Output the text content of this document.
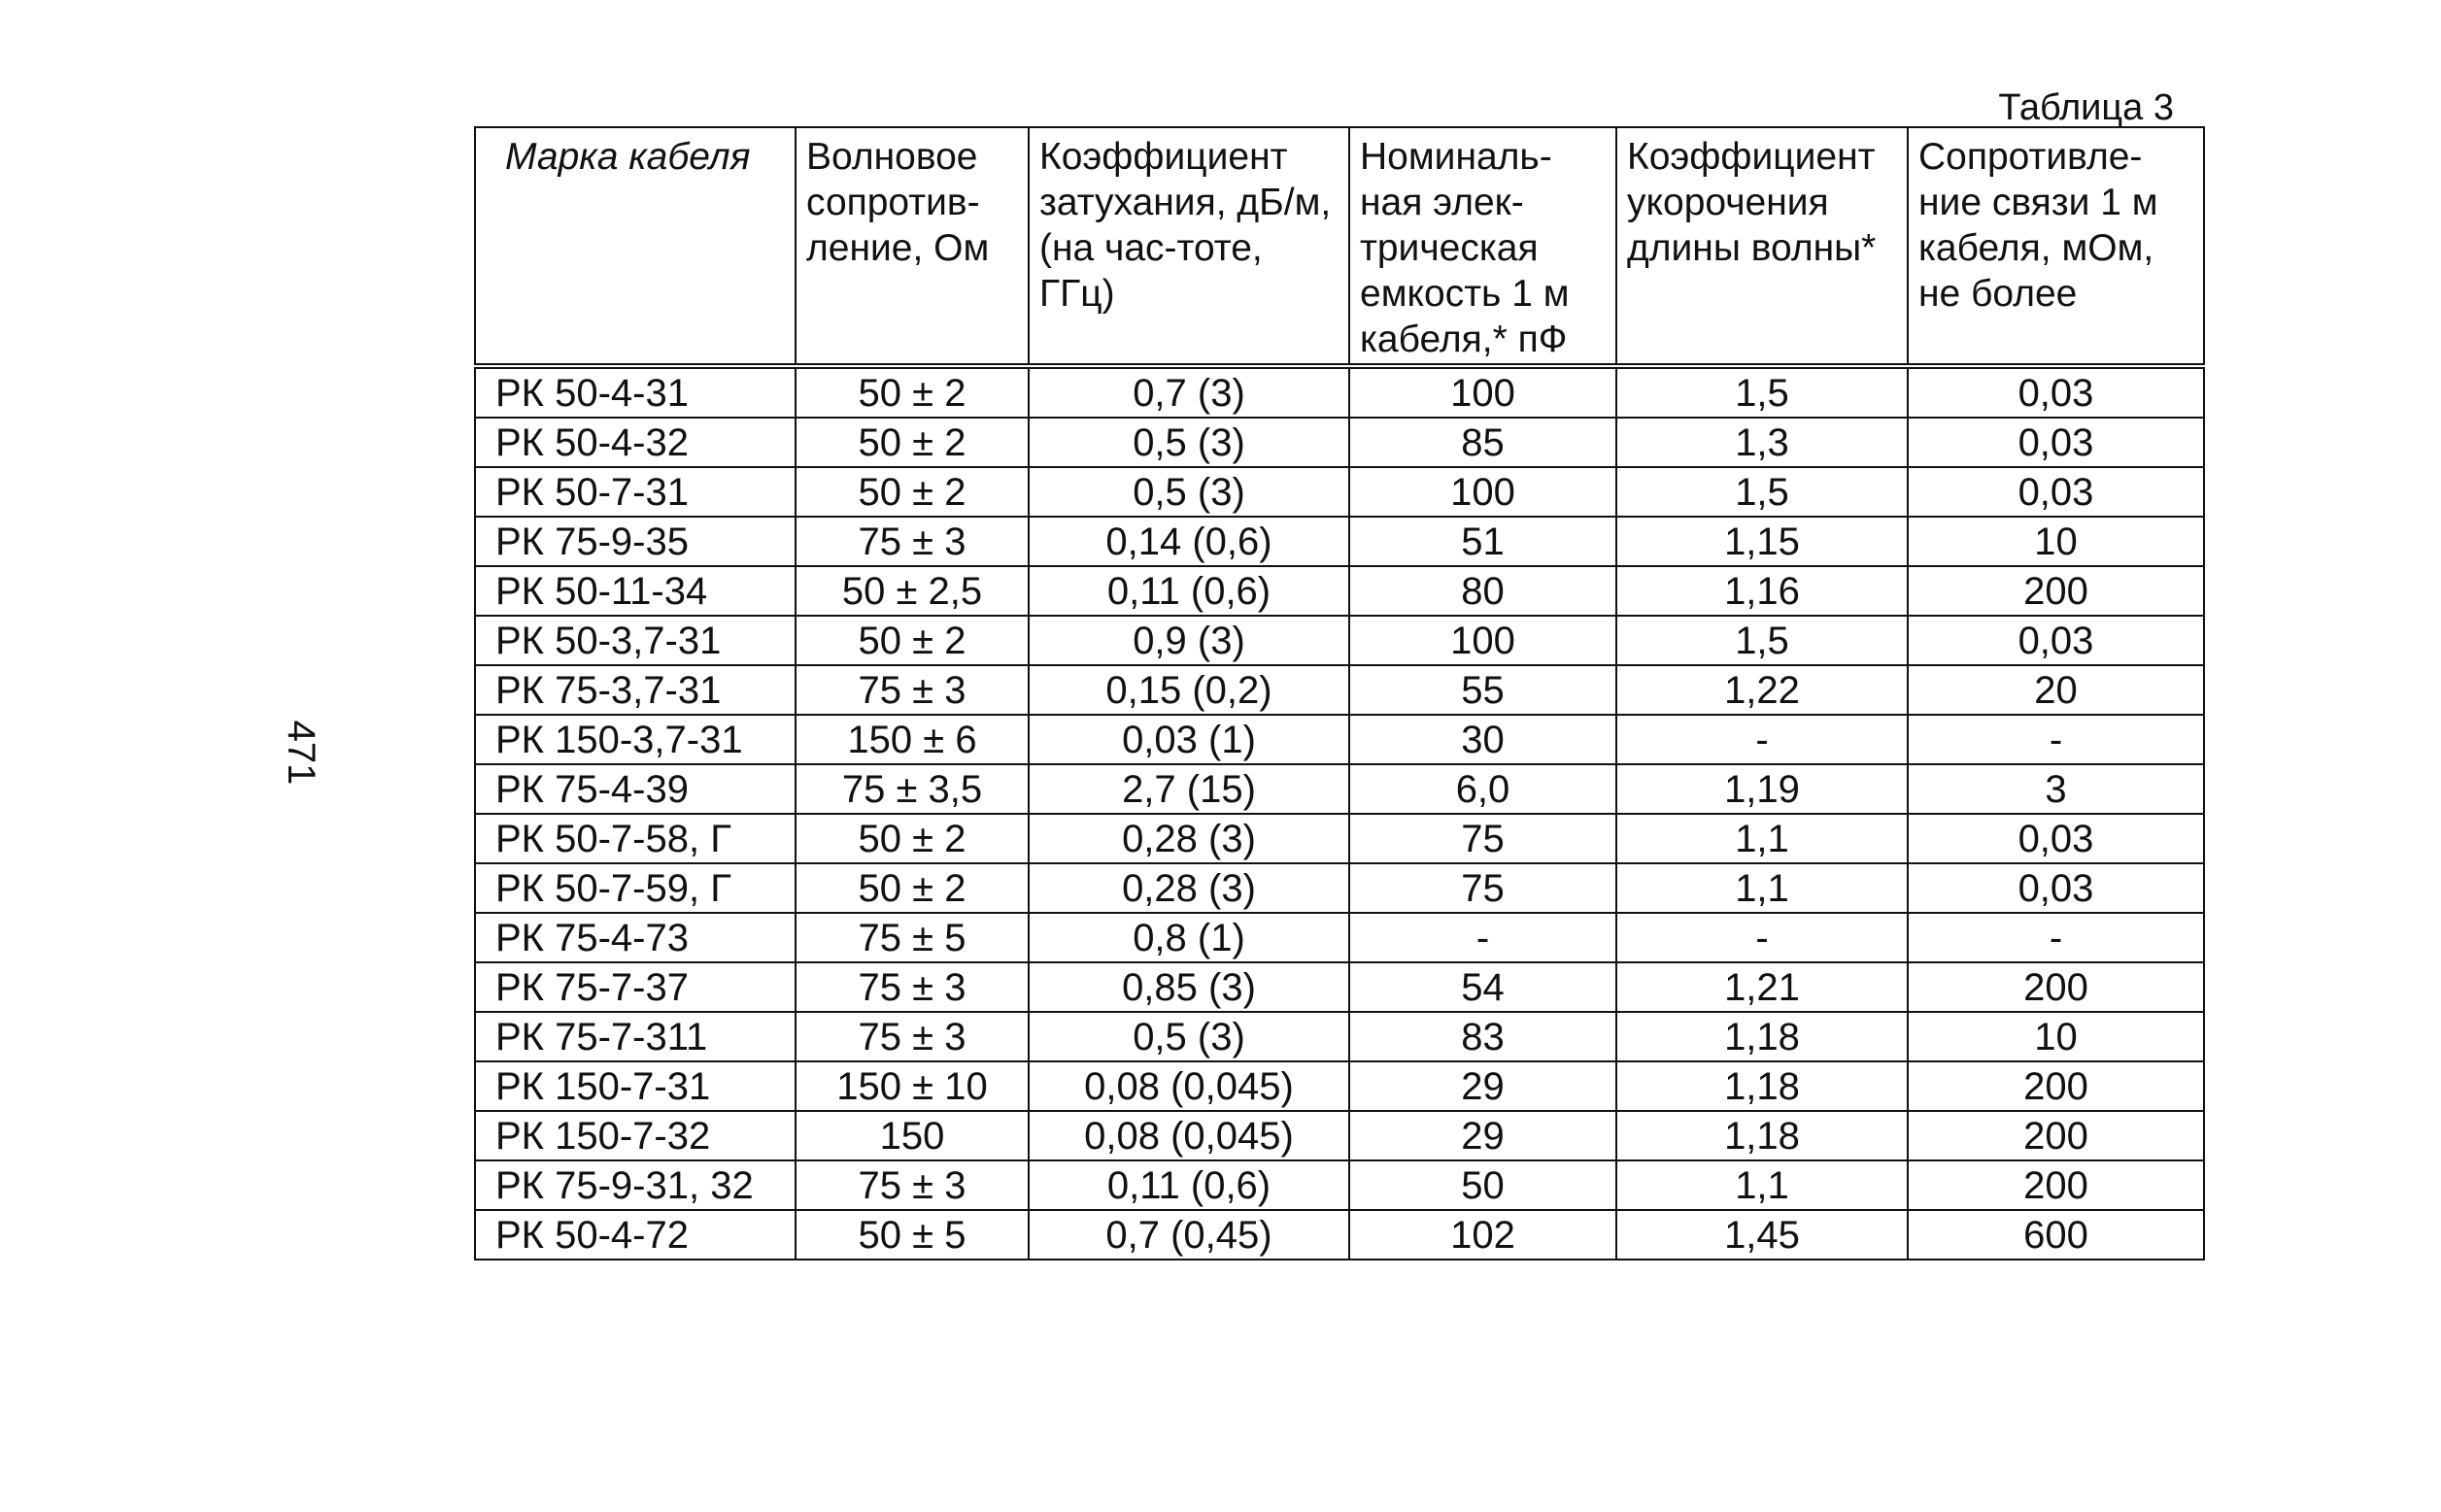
471
Таблица 3
Марка кабеля	Волновое сопротив-ление, Ом	Коэффициент затухания, дБ/м, (на час-тоте, ГГц)	Номиналь-ная элек-трическая емкость 1 м кабеля,* пФ	Коэффициент укорочения длины волны*	Сопротивле-ние связи 1 м кабеля, мОм, не более
РК 50-4-31	50 ± 2	0,7 (3)	100	1,5	0,03
РК 50-4-32	50 ± 2	0,5 (3)	85	1,3	0,03
РК 50-7-31	50 ± 2	0,5 (3)	100	1,5	0,03
РК 75-9-35	75 ± 3	0,14 (0,6)	51	1,15	10
РК 50-11-34	50 ± 2,5	0,11 (0,6)	80	1,16	200
РК 50-3,7-31	50 ± 2	0,9 (3)	100	1,5	0,03
РК 75-3,7-31	75 ± 3	0,15 (0,2)	55	1,22	20
РК 150-3,7-31	150 ± 6	0,03 (1)	30	-	-
РК 75-4-39	75 ± 3,5	2,7 (15)	6,0	1,19	3
РК 50-7-58, Г	50 ± 2	0,28 (3)	75	1,1	0,03
РК 50-7-59, Г	50 ± 2	0,28 (3)	75	1,1	0,03
РК 75-4-73	75 ± 5	0,8 (1)	-	-	-
РК 75-7-37	75 ± 3	0,85 (3)	54	1,21	200
РК 75-7-311	75 ± 3	0,5 (3)	83	1,18	10
РК 150-7-31	150 ± 10	0,08 (0,045)	29	1,18	200
РК 150-7-32	150	0,08 (0,045)	29	1,18	200
РК 75-9-31, 32	75 ± 3	0,11 (0,6)	50	1,1	200
РК 50-4-72	50 ± 5	0,7 (0,45)	102	1,45	600
